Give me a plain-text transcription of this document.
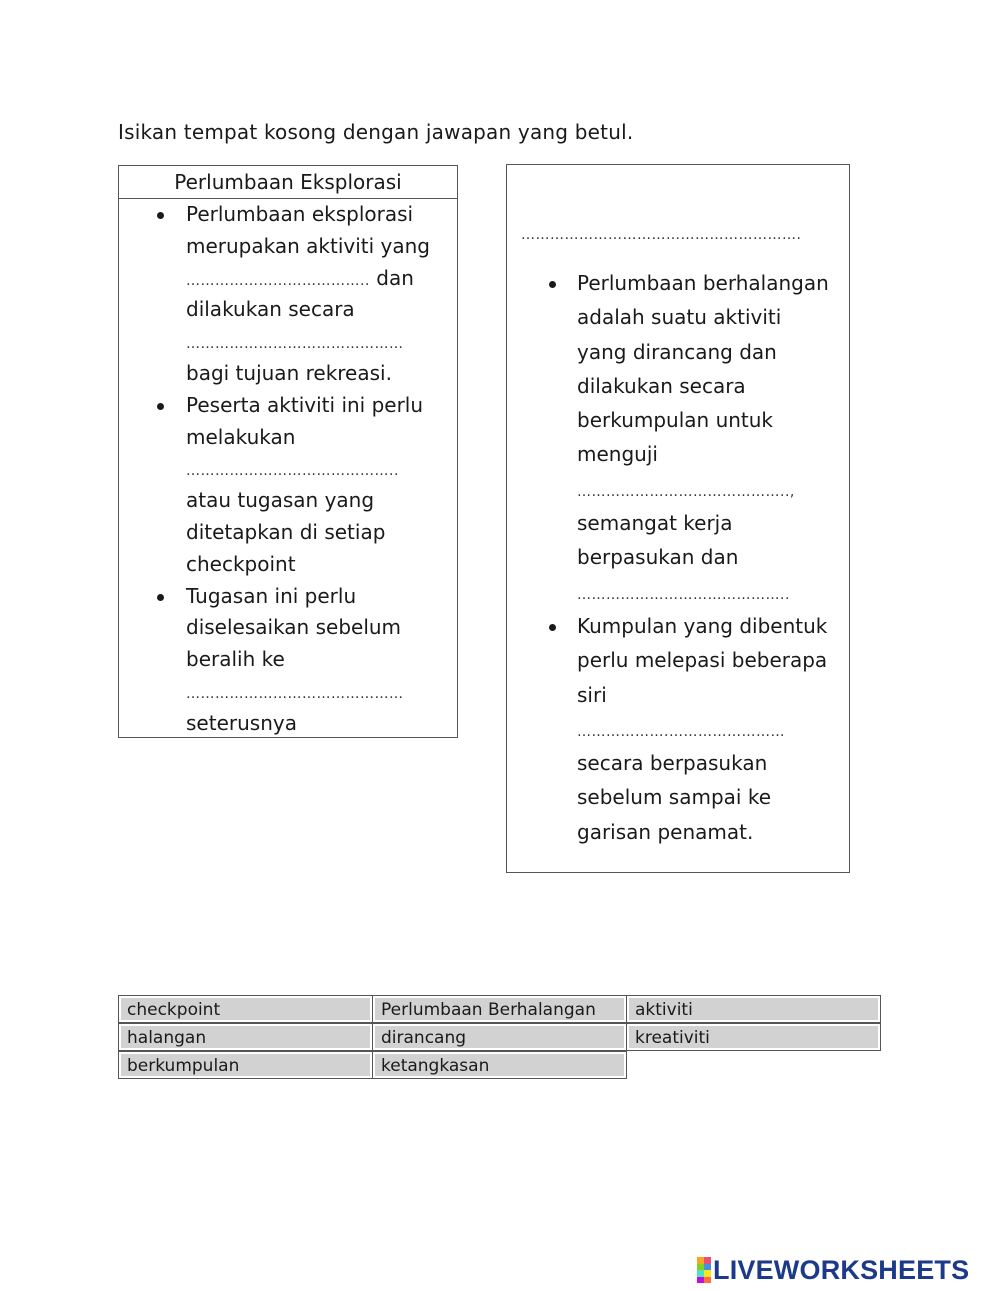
Isikan tempat kosong dengan jawapan yang betul.
Perlumbaan Eksplorasi
Perlumbaan eksplorasi
merupakan aktiviti yang
……………………………….. dan
dilakukan secara
………………………………………
bagi tujuan rekreasi.
Peserta aktiviti ini perlu
melakukan
……………………………………..
atau tugasan yang
ditetapkan di setiap
checkpoint
Tugasan ini perlu
diselesaikan sebelum
beralih ke
………………………………………
seterusnya
………………………………………………….
Perlumbaan berhalangan
adalah suatu aktiviti
yang dirancang dan
dilakukan secara
berkumpulan untuk
menguji
……………………………………..,
semangat kerja
berpasukan dan
……………………………………..
Kumpulan yang dibentuk
perlu melepasi beberapa
siri
……………….……………………
secara berpasukan
sebelum sampai ke
garisan penamat.
checkpoint	Perlumbaan Berhalangan	aktiviti
halangan	dirancang	kreativiti
berkumpulan	ketangkasan
LIVEWORKSHEETS
